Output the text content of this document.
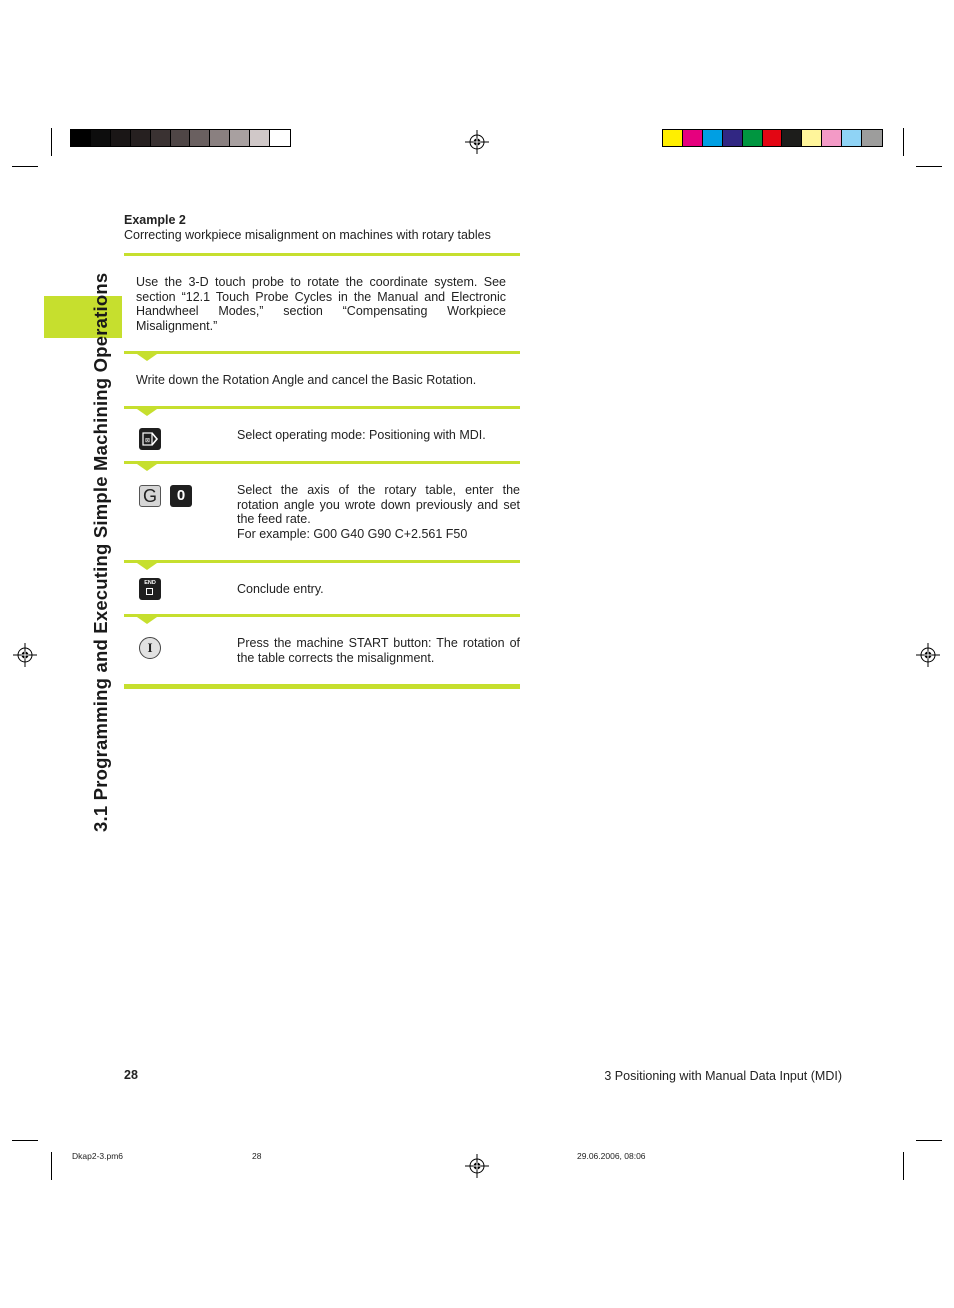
3.1 Programming and Executing Simple Machining Operations
Example 2
Correcting workpiece misalignment on machines with rotary tables
Use the 3-D touch probe to rotate the coordinate system. See section “12.1 Touch Probe Cycles in the Manual and Electronic Handwheel Modes,” section “Compensating Workpiece Misalignment.”
Write down the Rotation Angle and cancel the Basic Rotation.
⊠	Select operating mode: Positioning with MDI.
G	0	Select the axis of the rotary table, enter the rotation angle you wrote down previously and set the feed rate.
For example: G00 G40 G90 C+2.561 F50
END	Conclude entry.
I	Press the machine START button: The rotation of the table corrects the misalignment.
28	3 Positioning with Manual Data Input (MDI)
Dkap2-3.pm6	28	29.06.2006, 08:06
